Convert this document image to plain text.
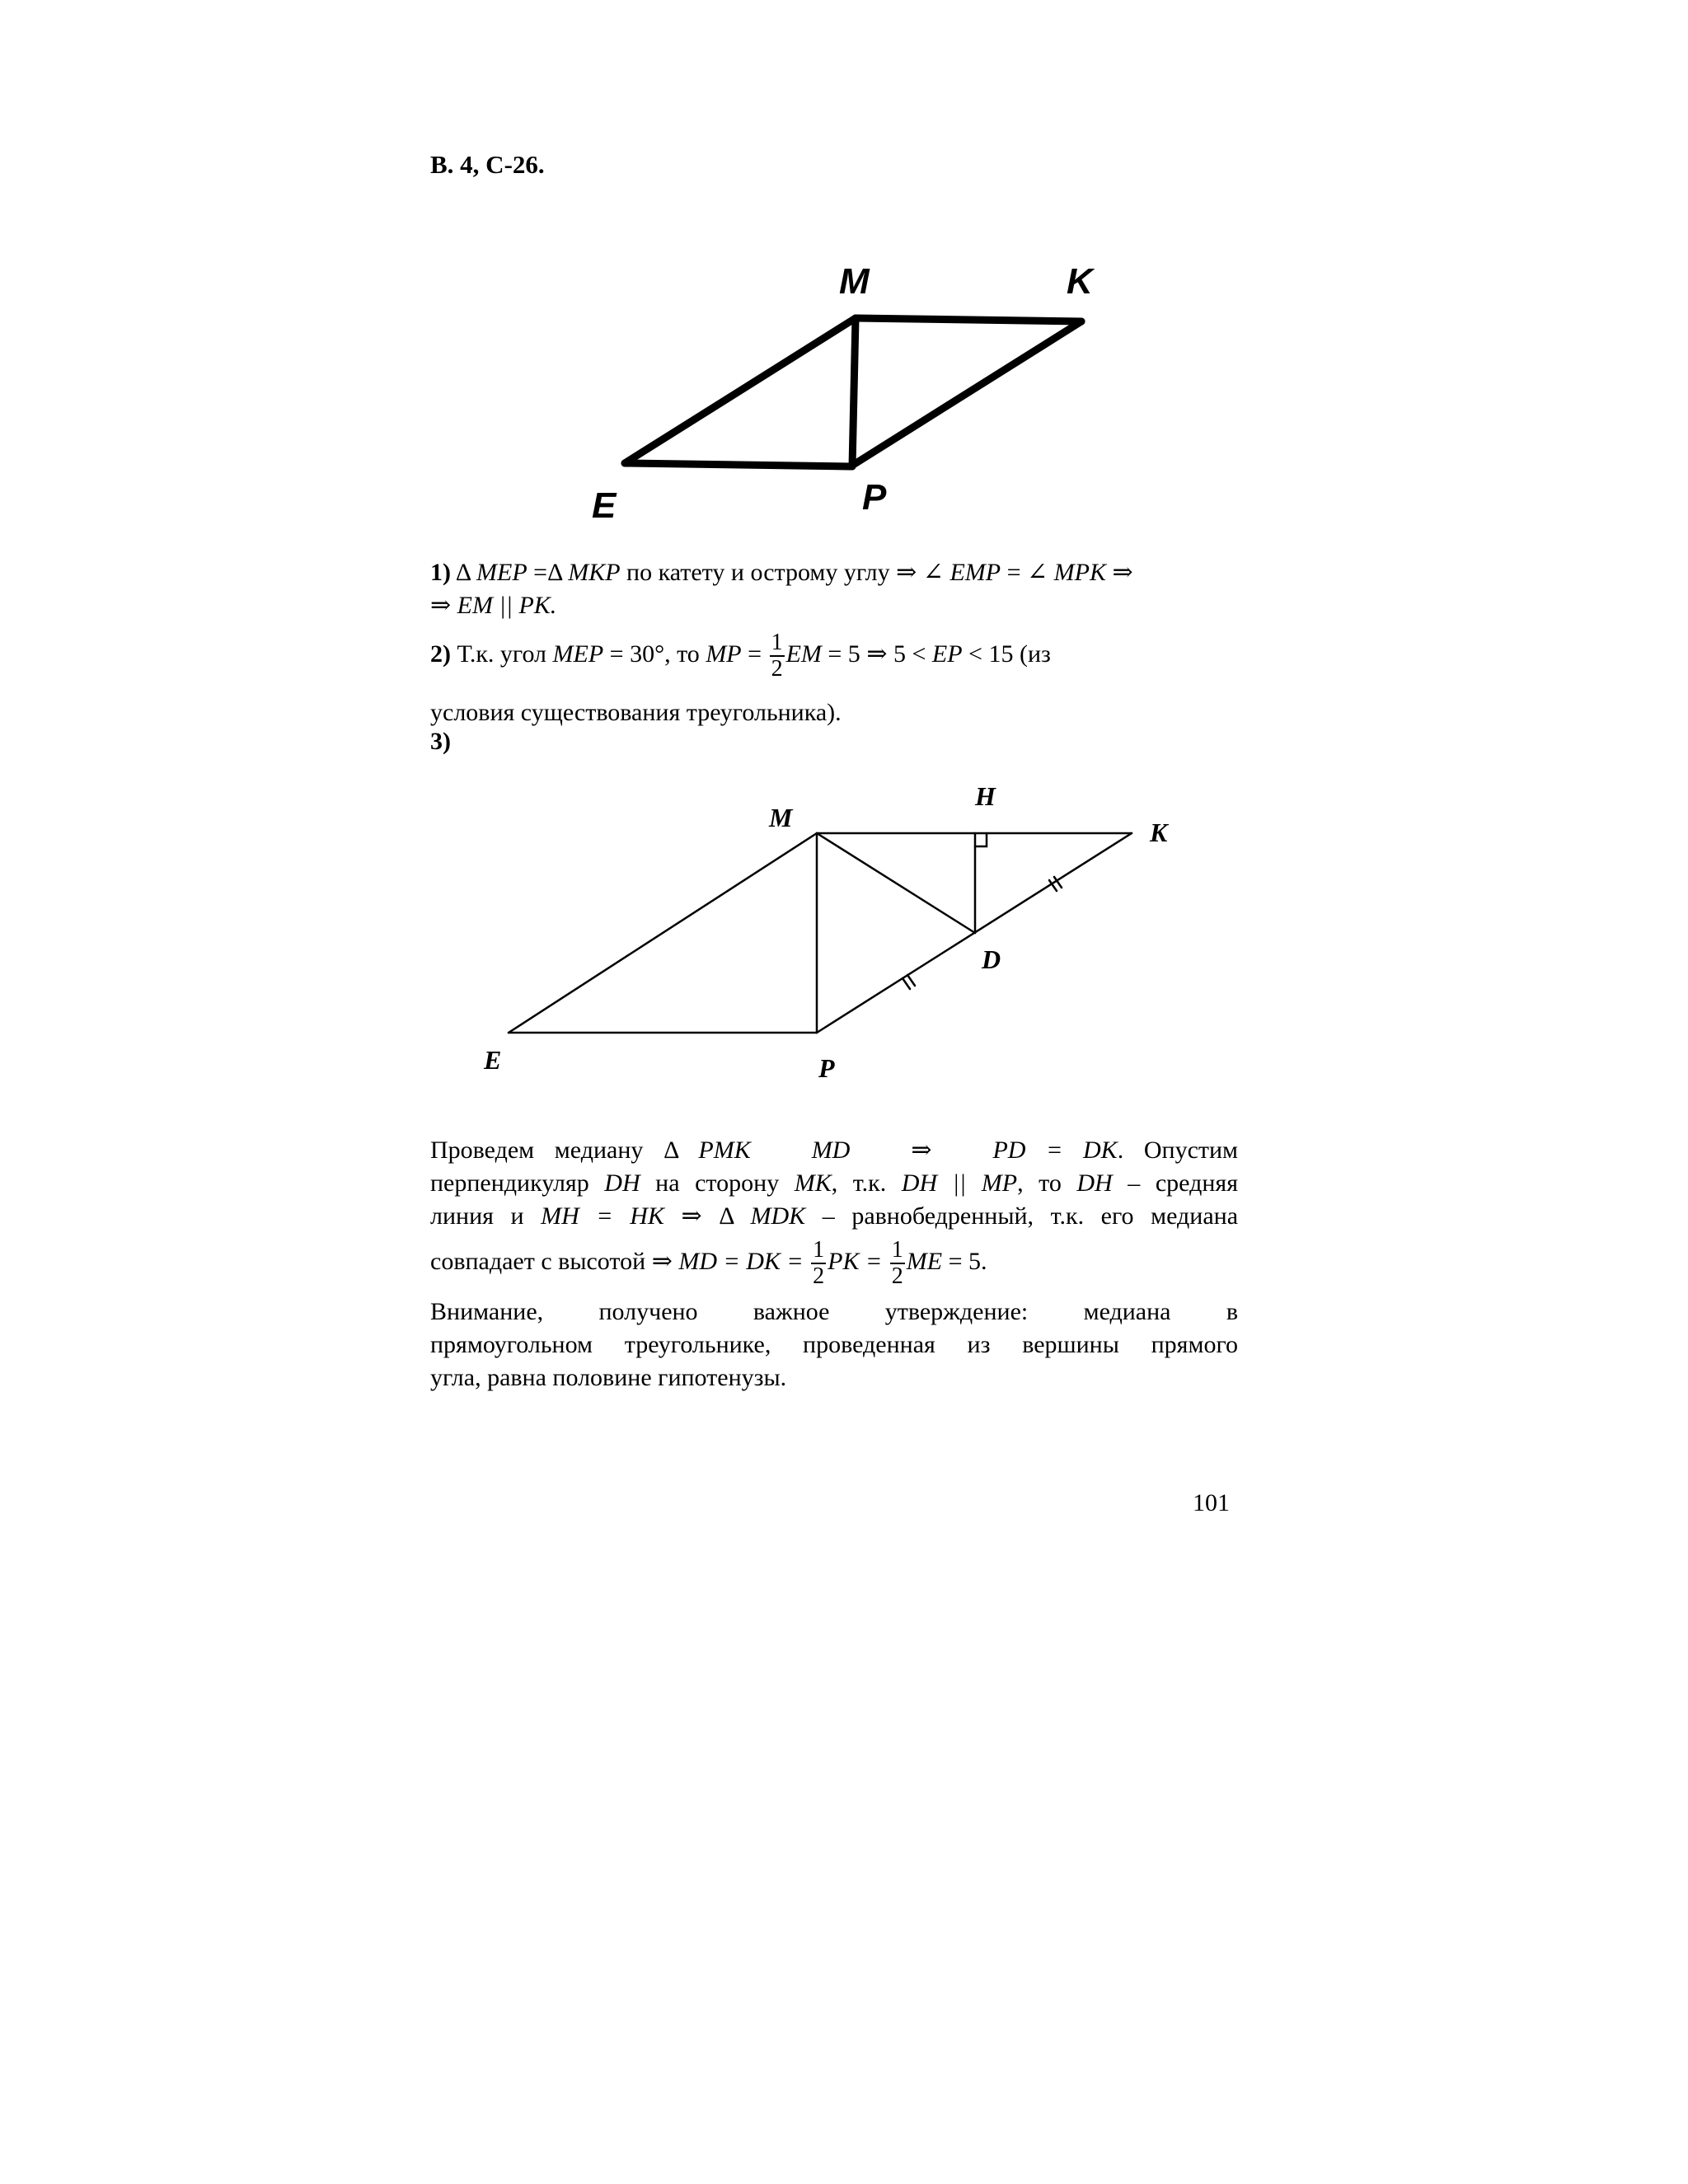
В. 4, С-26.
M	K
E	P
1) Δ MEP =Δ MKP по катету и острому углу ⇒ ∠ EMP = ∠ MPK ⇒
⇒ EM || PK.
2) Т.к. угол MEP = 30°, то MP = $\frac{1}{2}$ EM = 5 ⇒ 5 < EP < 15 (из
условия существования треугольника).
3)
M
H
K
D
E	P
Проведем медиану Δ PMK MD ⇒ PD = DK. Опустим
перпендикуляр DH на сторону MK, т.к. DH || MP, то DH – средняя
линия и MH = HK ⇒ Δ MDK – равнобедренный, т.к. его медиана
совпадает с высотой ⇒ MD = DK = $\frac{1}{2}$ PK = $\frac{1}{2}$ ME = 5.
Внимание, получено важное утверждение: медиана в
прямоугольном треугольнике, проведенная из вершины прямого
угла, равна половине гипотенузы.
101
